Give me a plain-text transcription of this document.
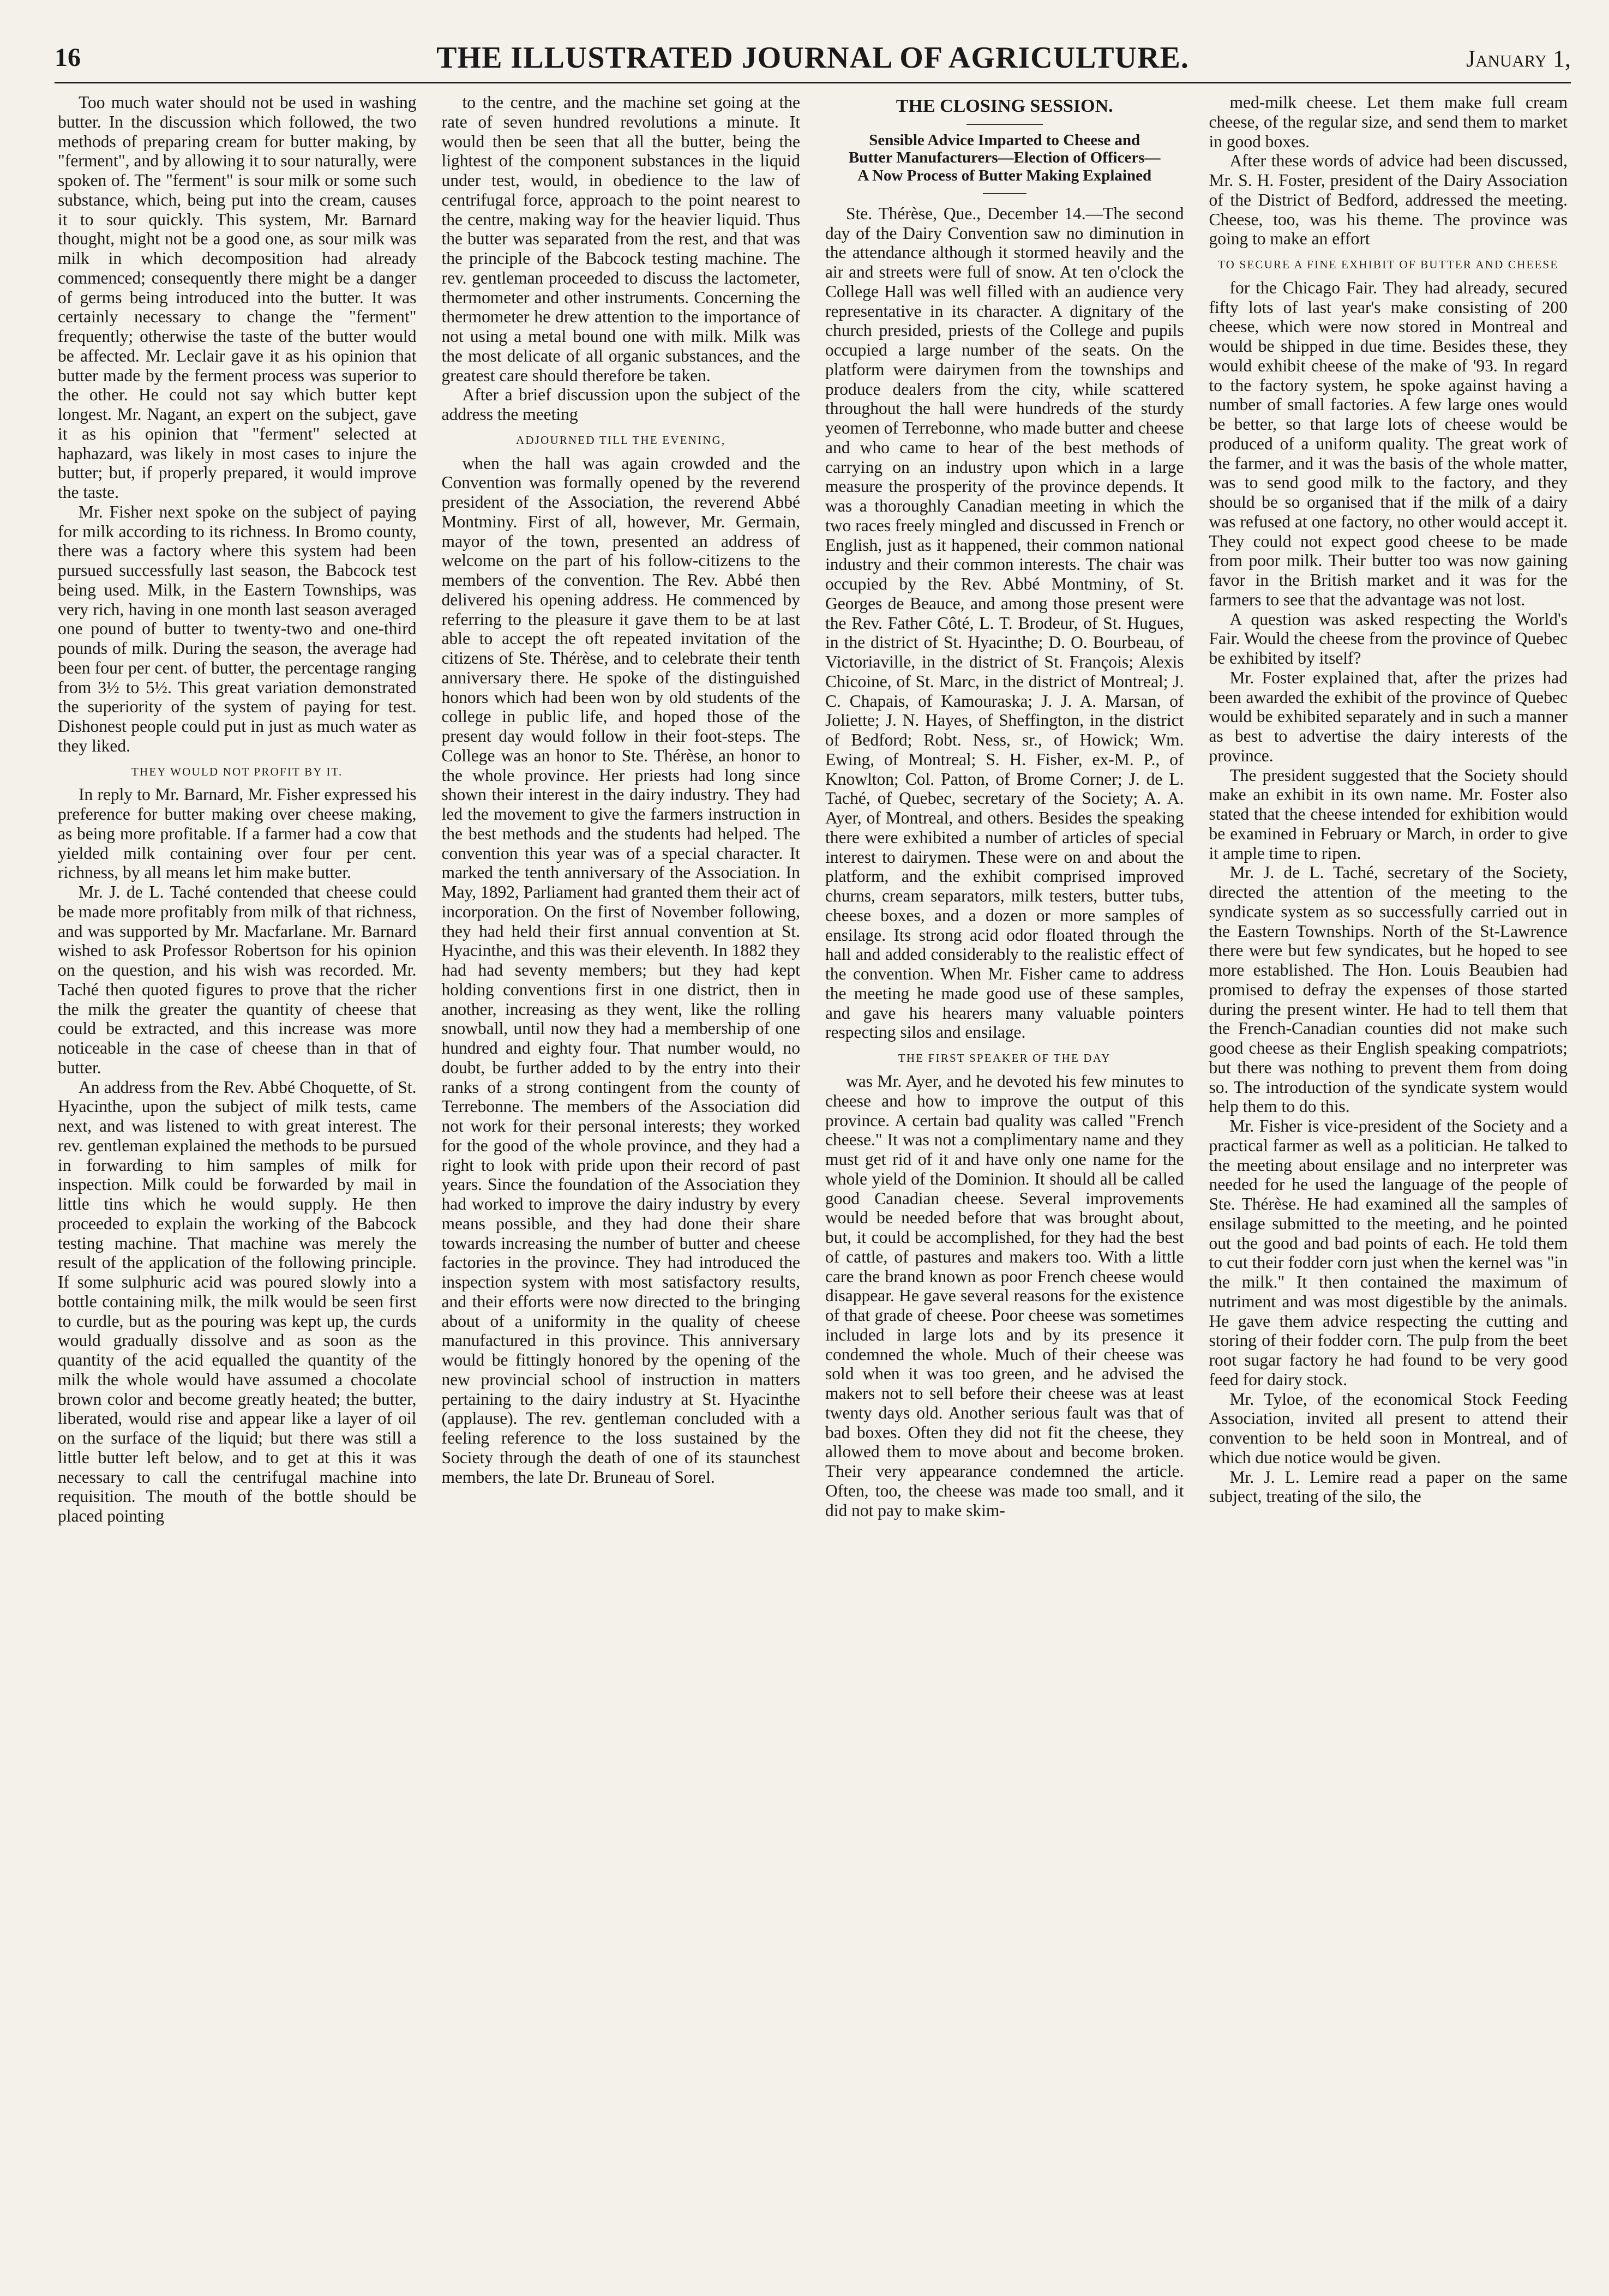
16	THE ILLUSTRATED JOURNAL OF AGRICULTURE.	January 1,

Too much water should not be used in washing butter. In the discussion which followed, the two methods of preparing cream for butter making, by "ferment", and by allowing it to sour naturally, were spoken of. The "ferment" is sour milk or some such substance, which, being put into the cream, causes it to sour quickly. This system, Mr. Barnard thought, might not be a good one, as sour milk was milk in which decomposition had already commenced; consequently there might be a danger of germs being introduced into the butter. It was certainly necessary to change the "ferment" frequently; otherwise the taste of the butter would be affected. Mr. Leclair gave it as his opinion that butter made by the ferment process was superior to the other. He could not say which butter kept longest. Mr. Nagant, an expert on the subject, gave it as his opinion that "ferment" selected at haphazard, was likely in most cases to injure the butter; but, if properly prepared, it would improve the taste.

Mr. Fisher next spoke on the subject of paying for milk according to its richness. In Bromo county, there was a factory where this system had been pursued successfully last season, the Babcock test being used. Milk, in the Eastern Townships, was very rich, having in one month last season averaged one pound of butter to twenty-two and one-third pounds of milk. During the season, the average had been four per cent. of butter, the percentage ranging from 3½ to 5½. This great variation demonstrated the superiority of the system of paying for test. Dishonest people could put in just as much water as they liked.

THEY WOULD NOT PROFIT BY IT.

In reply to Mr. Barnard, Mr. Fisher expressed his preference for butter making over cheese making, as being more profitable. If a farmer had a cow that yielded milk containing over four per cent. richness, by all means let him make butter.

Mr. J. de L. Taché contended that cheese could be made more profitably from milk of that richness, and was supported by Mr. Macfarlane. Mr. Barnard wished to ask Professor Robertson for his opinion on the question, and his wish was recorded. Mr. Taché then quoted figures to prove that the richer the milk the greater the quantity of cheese that could be extracted, and this increase was more noticeable in the case of cheese than in that of butter.

An address from the Rev. Abbé Choquette, of St. Hyacinthe, upon the subject of milk tests, came next, and was listened to with great interest. The rev. gentleman explained the methods to be pursued in forwarding to him samples of milk for inspection. Milk could be forwarded by mail in little tins which he would supply. He then proceeded to explain the working of the Babcock testing machine. That machine was merely the result of the application of the following principle. If some sulphuric acid was poured slowly into a bottle containing milk, the milk would be seen first to curdle, but as the pouring was kept up, the curds would gradually dissolve and as soon as the quantity of the acid equalled the quantity of the milk the whole would have assumed a chocolate brown color and become greatly heated; the butter, liberated, would rise and appear like a layer of oil on the surface of the liquid; but there was still a little butter left below, and to get at this it was necessary to call the centrifugal machine into requisition. The mouth of the bottle should be placed pointing

to the centre, and the machine set going at the rate of seven hundred revolutions a minute. It would then be seen that all the butter, being the lightest of the component substances in the liquid under test, would, in obedience to the law of centrifugal force, approach to the point nearest to the centre, making way for the heavier liquid. Thus the butter was separated from the rest, and that was the principle of the Babcock testing machine. The rev. gentleman proceeded to discuss the lactometer, thermometer and other instruments. Concerning the thermometer he drew attention to the importance of not using a metal bound one with milk. Milk was the most delicate of all organic substances, and the greatest care should therefore be taken.

After a brief discussion upon the subject of the address the meeting

ADJOURNED TILL THE EVENING,

when the hall was again crowded and the Convention was formally opened by the reverend president of the Association, the reverend Abbé Montminy. First of all, however, Mr. Germain, mayor of the town, presented an address of welcome on the part of his follow-citizens to the members of the convention. The Rev. Abbé then delivered his opening address. He commenced by referring to the pleasure it gave them to be at last able to accept the oft repeated invitation of the citizens of Ste. Thérèse, and to celebrate their tenth anniversary there. He spoke of the distinguished honors which had been won by old students of the college in public life, and hoped those of the present day would follow in their foot-steps. The College was an honor to Ste. Thérèse, an honor to the whole province. Her priests had long since shown their interest in the dairy industry. They had led the movement to give the farmers instruction in the best methods and the students had helped. The convention this year was of a special character. It marked the tenth anniversary of the Association. In May, 1892, Parliament had granted them their act of incorporation. On the first of November following, they had held their first annual convention at St. Hyacinthe, and this was their eleventh. In 1882 they had had seventy members; but they had kept holding conventions first in one district, then in another, increasing as they went, like the rolling snowball, until now they had a membership of one hundred and eighty four. That number would, no doubt, be further added to by the entry into their ranks of a strong contingent from the county of Terrebonne. The members of the Association did not work for their personal interests; they worked for the good of the whole province, and they had a right to look with pride upon their record of past years. Since the foundation of the Association they had worked to improve the dairy industry by every means possible, and they had done their share towards increasing the number of butter and cheese factories in the province. They had introduced the inspection system with most satisfactory results, and their efforts were now directed to the bringing about of a uniformity in the quality of cheese manufactured in this province. This anniversary would be fittingly honored by the opening of the new provincial school of instruction in matters pertaining to the dairy industry at St. Hyacinthe (applause). The rev. gentleman concluded with a feeling reference to the loss sustained by the Society through the death of one of its staunchest members, the late Dr. Bruneau of Sorel.

THE CLOSING SESSION.
Sensible Advice Imparted to Cheese and Butter Manufacturers—Election of Officers—A Now Process of Butter Making Explained

Ste. Thérèse, Que., December 14.—The second day of the Dairy Convention saw no diminution in the attendance although it stormed heavily and the air and streets were full of snow. At ten o'clock the College Hall was well filled with an audience very representative in its character. A dignitary of the church presided, priests of the College and pupils occupied a large number of the seats. On the platform were dairymen from the townships and produce dealers from the city, while scattered throughout the hall were hundreds of the sturdy yeomen of Terrebonne, who made butter and cheese and who came to hear of the best methods of carrying on an industry upon which in a large measure the prosperity of the province depends. It was a thoroughly Canadian meeting in which the two races freely mingled and discussed in French or English, just as it happened, their common national industry and their common interests. The chair was occupied by the Rev. Abbé Montminy, of St. Georges de Beauce, and among those present were the Rev. Father Côté, L. T. Brodeur, of St. Hugues, in the district of St. Hyacinthe; D. O. Bourbeau, of Victoriaville, in the district of St. François; Alexis Chicoine, of St. Marc, in the district of Montreal; J. C. Chapais, of Kamouraska; J. J. A. Marsan, of Joliette; J. N. Hayes, of Sheffington, in the district of Bedford; Robt. Ness, sr., of Howick; Wm. Ewing, of Montreal; S. H. Fisher, ex-M. P., of Knowlton; Col. Patton, of Brome Corner; J. de L. Taché, of Quebec, secretary of the Society; A. A. Ayer, of Montreal, and others. Besides the speaking there were exhibited a number of articles of special interest to dairymen. These were on and about the platform, and the exhibit comprised improved churns, cream separators, milk testers, butter tubs, cheese boxes, and a dozen or more samples of ensilage. Its strong acid odor floated through the hall and added considerably to the realistic effect of the convention. When Mr. Fisher came to address the meeting he made good use of these samples, and gave his hearers many valuable pointers respecting silos and ensilage.

THE FIRST SPEAKER OF THE DAY

was Mr. Ayer, and he devoted his few minutes to cheese and how to improve the output of this province. A certain bad quality was called "French cheese." It was not a complimentary name and they must get rid of it and have only one name for the whole yield of the Dominion. It should all be called good Canadian cheese. Several improvements would be needed before that was brought about, but, it could be accomplished, for they had the best of cattle, of pastures and makers too. With a little care the brand known as poor French cheese would disappear. He gave several reasons for the existence of that grade of cheese. Poor cheese was sometimes included in large lots and by its presence it condemned the whole. Much of their cheese was sold when it was too green, and he advised the makers not to sell before their cheese was at least twenty days old. Another serious fault was that of bad boxes. Often they did not fit the cheese, they allowed them to move about and become broken. Their very appearance condemned the article. Often, too, the cheese was made too small, and it did not pay to make skim-

med-milk cheese. Let them make full cream cheese, of the regular size, and send them to market in good boxes.

After these words of advice had been discussed, Mr. S. H. Foster, president of the Dairy Association of the District of Bedford, addressed the meeting. Cheese, too, was his theme. The province was going to make an effort

TO SECURE A FINE EXHIBIT OF BUTTER AND CHEESE

for the Chicago Fair. They had already, secured fifty lots of last year's make consisting of 200 cheese, which were now stored in Montreal and would be shipped in due time. Besides these, they would exhibit cheese of the make of '93. In regard to the factory system, he spoke against having a number of small factories. A few large ones would be better, so that large lots of cheese would be produced of a uniform quality. The great work of the farmer, and it was the basis of the whole matter, was to send good milk to the factory, and they should be so organised that if the milk of a dairy was refused at one factory, no other would accept it. They could not expect good cheese to be made from poor milk. Their butter too was now gaining favor in the British market and it was for the farmers to see that the advantage was not lost.

A question was asked respecting the World's Fair. Would the cheese from the province of Quebec be exhibited by itself?

Mr. Foster explained that, after the prizes had been awarded the exhibit of the province of Quebec would be exhibited separately and in such a manner as best to advertise the dairy interests of the province.

The president suggested that the Society should make an exhibit in its own name. Mr. Foster also stated that the cheese intended for exhibition would be examined in February or March, in order to give it ample time to ripen.

Mr. J. de L. Taché, secretary of the Society, directed the attention of the meeting to the syndicate system as so successfully carried out in the Eastern Townships. North of the St-Lawrence there were but few syndicates, but he hoped to see more established. The Hon. Louis Beaubien had promised to defray the expenses of those started during the present winter. He had to tell them that the French-Canadian counties did not make such good cheese as their English speaking compatriots; but there was nothing to prevent them from doing so. The introduction of the syndicate system would help them to do this.

Mr. Fisher is vice-president of the Society and a practical farmer as well as a politician. He talked to the meeting about ensilage and no interpreter was needed for he used the language of the people of Ste. Thérèse. He had examined all the samples of ensilage submitted to the meeting, and he pointed out the good and bad points of each. He told them to cut their fodder corn just when the kernel was "in the milk." It then contained the maximum of nutriment and was most digestible by the animals. He gave them advice respecting the cutting and storing of their fodder corn. The pulp from the beet root sugar factory he had found to be very good feed for dairy stock.

Mr. Tyloe, of the economical Stock Feeding Association, invited all present to attend their convention to be held soon in Montreal, and of which due notice would be given.

Mr. J. L. Lemire read a paper on the same subject, treating of the silo, the
